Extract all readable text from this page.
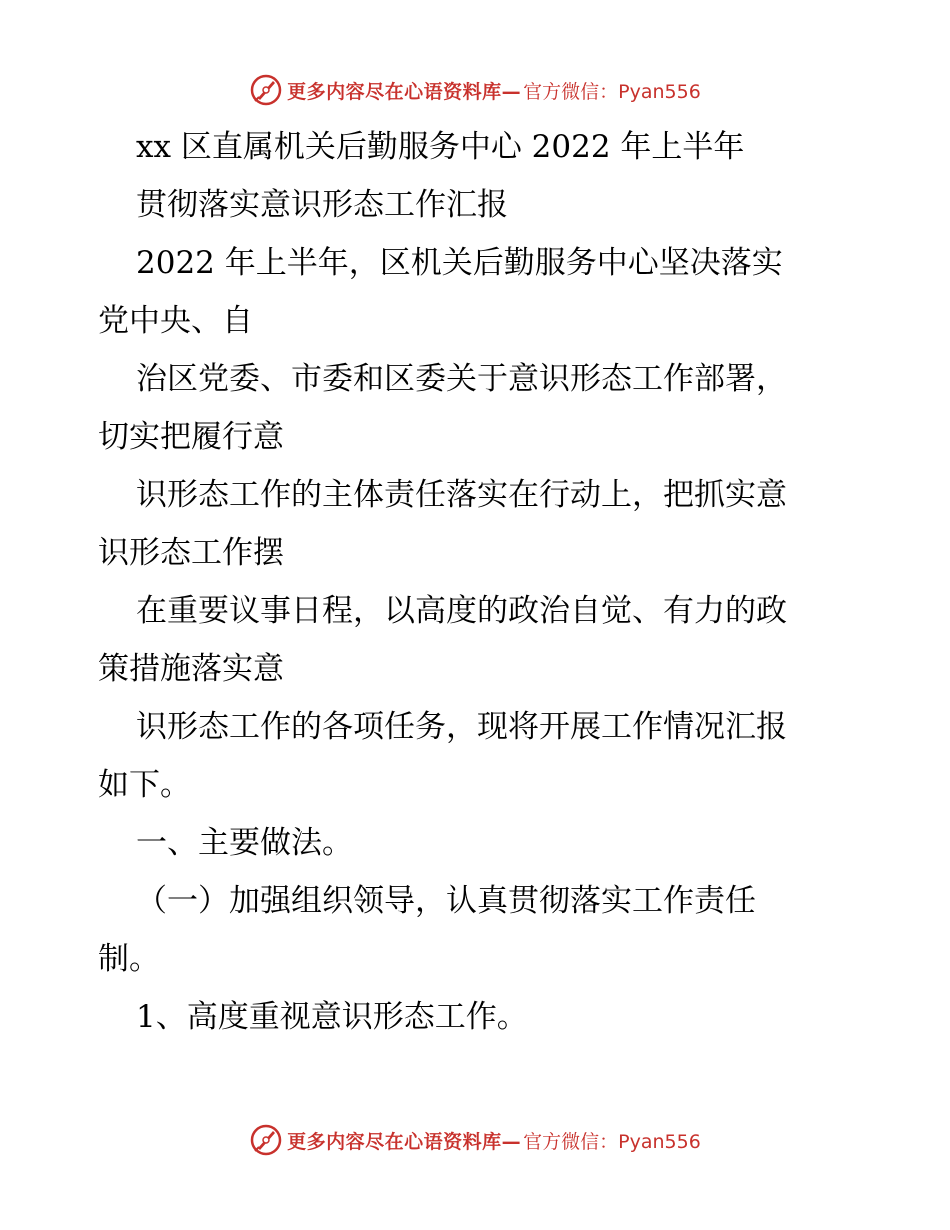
更多内容尽在心语资料库— 官方微信：Pyan556

xx 区直属机关后勤服务中心 2022 年上半年

贯彻落实意识形态工作汇报

2022 年上半年，区机关后勤服务中心坚决落实

党中央、自

治区党委、市委和区委关于意识形态工作部署，

切实把履行意

识形态工作的主体责任落实在行动上，把抓实意

识形态工作摆

在重要议事日程，以高度的政治自觉、有力的政

策措施落实意

识形态工作的各项任务，现将开展工作情况汇报

如下。

一、主要做法。

（一）加强组织领导，认真贯彻落实工作责任

制。

1、高度重视意识形态工作。

更多内容尽在心语资料库— 官方微信：Pyan556
